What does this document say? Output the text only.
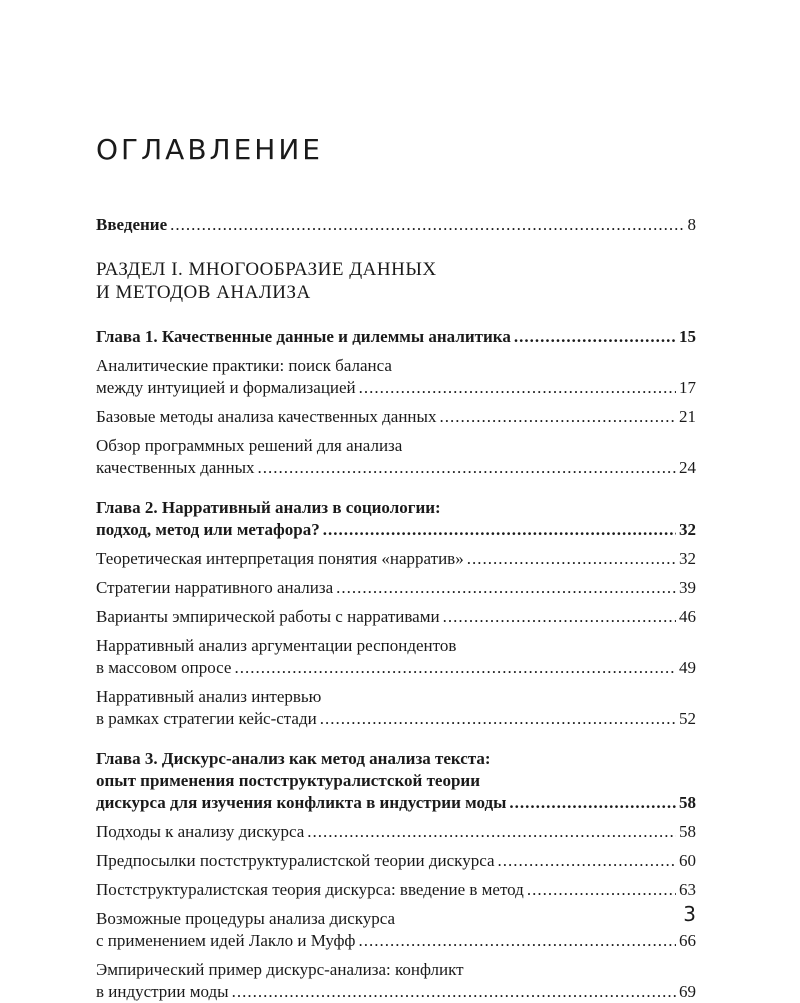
ОГЛАВЛЕНИЕ
Введение .....	8
РАЗДЕЛ I. МНОГООБРАЗИЕ ДАННЫХ
И МЕТОДОВ АНАЛИЗА
Глава 1. Качественные данные и дилеммы аналитика .....	15
Аналитические практики: поиск баланса
между интуицией и формализацией .....	17
Базовые методы анализа качественных данных .....	21
Обзор программных решений для анализа
качественных данных .....	24
Глава 2. Нарративный анализ в социологии:
подход, метод или метафора? .....	32
Теоретическая интерпретация понятия «нарратив» .....	32
Стратегии нарративного анализа .....	39
Варианты эмпирической работы с нарративами .....	46
Нарративный анализ аргументации респондентов
в массовом опросе .....	49
Нарративный анализ интервью
в рамках стратегии кейс-стади .....	52
Глава 3. Дискурс-анализ как метод анализа текста:
опыт применения постструктуралистской теории
дискурса для изучения конфликта в индустрии моды .....	58
Подходы к анализу дискурса .....	58
Предпосылки постструктуралистской теории дискурса .....	60
Постструктуралистская теория дискурса: введение в метод .....	63
Возможные процедуры анализа дискурса
с применением идей Лакло и Муфф .....	66
Эмпирический пример дискурс-анализа: конфликт
в индустрии моды .....	69
3
